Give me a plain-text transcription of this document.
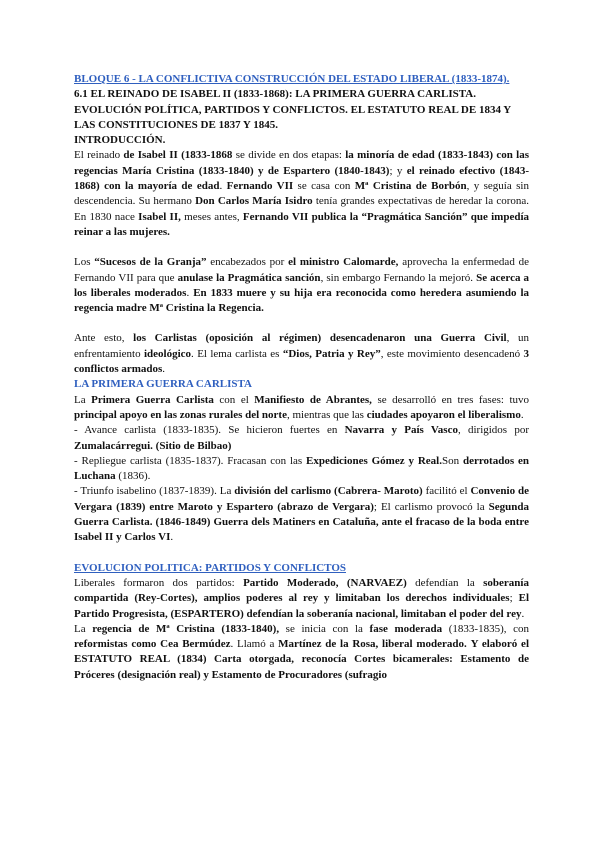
BLOQUE 6 - LA CONFLICTIVA CONSTRUCCIÓN DEL ESTADO LIBERAL (1833-1874).

6.1 EL REINADO DE ISABEL II (1833-1868): LA PRIMERA GUERRA CARLISTA. EVOLUCIÓN POLÍTICA, PARTIDOS Y CONFLICTOS. EL ESTATUTO REAL DE 1834 Y LAS CONSTITUCIONES DE 1837 Y 1845.

INTRODUCCIÓN.

El reinado de Isabel II (1833-1868 se divide en dos etapas: la minoría de edad (1833-1843) con las regencias María Cristina (1833-1840) y de Espartero (1840-1843); y el reinado efectivo (1843-1868) con la mayoría de edad. Fernando VII se casa con Mª Cristina de Borbón, y seguía sin descendencia. Su hermano Don Carlos María Isidro tenía grandes expectativas de heredar la corona. En 1830 nace Isabel II, meses antes, Fernando VII publica la “Pragmática Sanción” que impedía reinar a las mujeres.

Los “Sucesos de la Granja” encabezados por el ministro Calomarde, aprovecha la enfermedad de Fernando VII para que anulase la Pragmática sanción, sin embargo Fernando la mejoró. Se acerca a los liberales moderados. En 1833 muere y su hija era reconocida como heredera asumiendo la regencia madre Mª Cristina la Regencia.

Ante esto, los Carlistas (oposición al régimen) desencadenaron una Guerra Civil, un enfrentamiento ideológico. El lema carlista es “Dios, Patria y Rey”, este movimiento desencadenó 3 conflictos armados.

LA PRIMERA GUERRA CARLISTA

La Primera Guerra Carlista con el Manifiesto de Abrantes, se desarrolló en tres fases: tuvo principal apoyo en las zonas rurales del norte, mientras que las ciudades apoyaron el liberalismo.

- Avance carlista (1833-1835). Se hicieron fuertes en Navarra y País Vasco, dirigidos por Zumalacárregui. (Sitio de Bilbao)

- Repliegue carlista (1835-1837). Fracasan con las Expediciones Gómez y Real.Son derrotados en Luchana (1836).

- Triunfo isabelino (1837-1839). La división del carlismo (Cabrera- Maroto) facilitó el Convenio de Vergara (1839) entre Maroto y Espartero (abrazo de Vergara); El carlismo provocó la Segunda Guerra Carlista. (1846-1849) Guerra dels Matiners en Cataluña, ante el fracaso de la boda entre Isabel II y Carlos VI.

EVOLUCION POLITICA: PARTIDOS Y CONFLICTOS

Liberales formaron dos partidos: Partido Moderado, (NARVAEZ) defendían la soberanía compartida (Rey-Cortes), amplios poderes al rey y limitaban los derechos individuales; El Partido Progresista, (ESPARTERO) defendían la soberanía nacional, limitaban el poder del rey.

La regencia de Mª Cristina (1833-1840), se inicia con la fase moderada (1833-1835), con reformistas como Cea Bermúdez. Llamó a Martínez de la Rosa, liberal moderado. Y elaboró el ESTATUTO REAL (1834) Carta otorgada, reconocía Cortes bicamerales: Estamento de Próceres (designación real) y Estamento de Procuradores (sufragio
